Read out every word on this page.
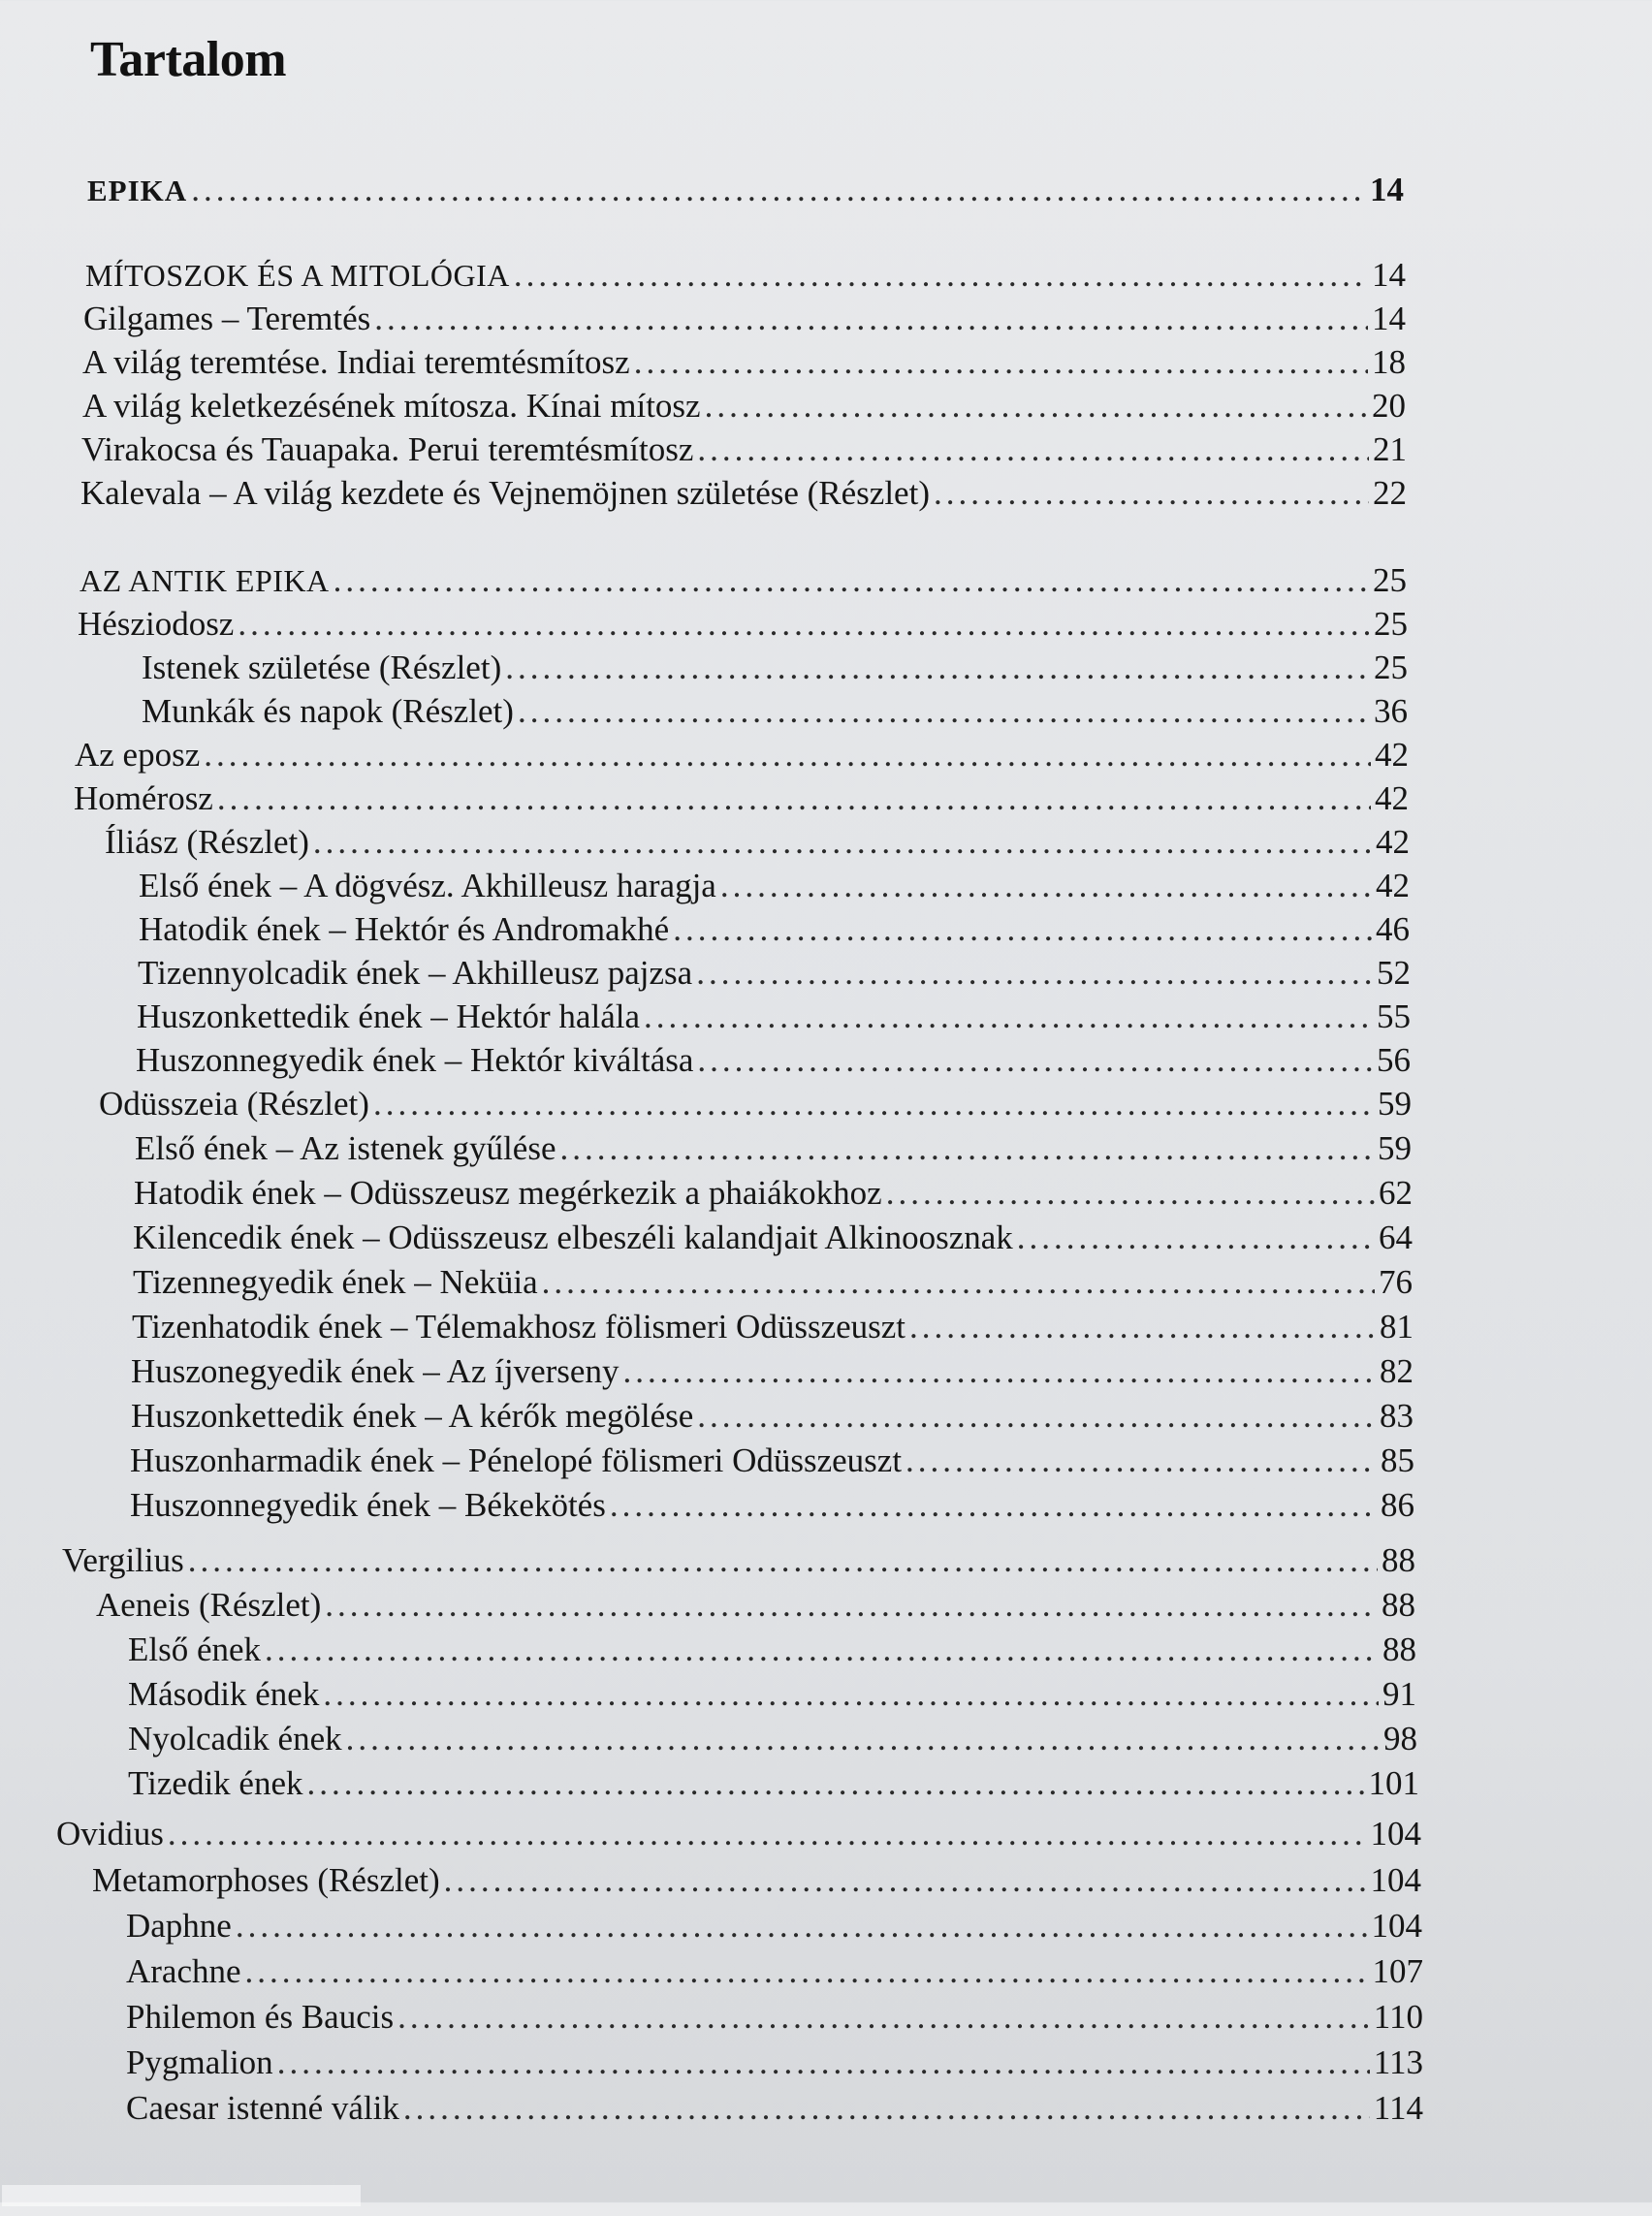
Tartalom
EPIKA .....	14
MÍTOSZOK ÉS A MITOLÓGIA .....	14
Gilgames – Teremtés .....	14
A világ teremtése. Indiai teremtésmítosz .....	18
A világ keletkezésének mítosza. Kínai mítosz .....	20
Virakocsa és Tauapaka. Perui teremtésmítosz .....	21
Kalevala – A világ kezdete és Vejnemöjnen születése (Részlet) .....	22
AZ ANTIK EPIKA .....	25
Hésziodosz .....	25
Istenek születése (Részlet) .....	25
Munkák és napok (Részlet) .....	36
Az eposz .....	42
Homérosz .....	42
Íliász (Részlet) .....	42
Első ének – A dögvész. Akhilleusz haragja .....	42
Hatodik ének – Hektór és Andromakhé .....	46
Tizennyolcadik ének – Akhilleusz pajzsa .....	52
Huszonkettedik ének – Hektór halála .....	55
Huszonnegyedik ének – Hektór kiváltása .....	56
Odüsszeia (Részlet) .....	59
Első ének – Az istenek gyűlése .....	59
Hatodik ének – Odüsszeusz megérkezik a phaiákokhoz .....	62
Kilencedik ének – Odüsszeusz elbeszéli kalandjait Alkinoosznak .....	64
Tizennegyedik ének – Neküia .....	76
Tizenhatodik ének – Télemakhosz fölismeri Odüsszeuszt .....	81
Huszonegyedik ének – Az íjverseny .....	82
Huszonkettedik ének – A kérők megölése .....	83
Huszonharmadik ének – Pénelopé fölismeri Odüsszeuszt .....	85
Huszonnegyedik ének – Békekötés .....	86
Vergilius .....	88
Aeneis (Részlet) .....	88
Első ének .....	88
Második ének .....	91
Nyolcadik ének .....	98
Tizedik ének .....	101
Ovidius .....	104
Metamorphoses (Részlet) .....	104
Daphne .....	104
Arachne .....	107
Philemon és Baucis .....	110
Pygmalion .....	113
Caesar istenné válik .....	114
